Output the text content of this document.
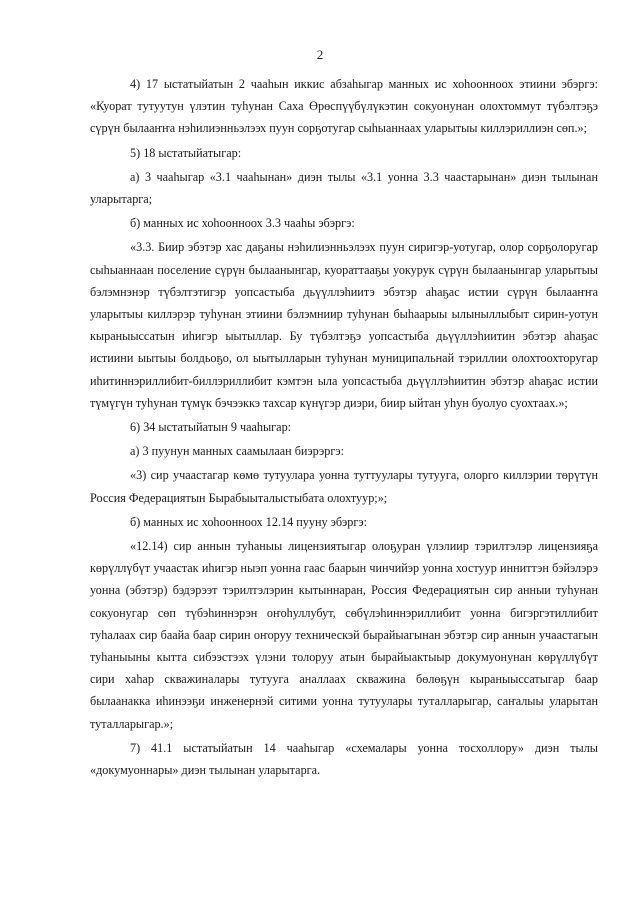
2

4) 17 ыстатыйатын 2 чааһын иккис абзаһыгар манных ис хоһоонноох этиини эбэргэ: «Куорат тутуутун үлэтин туһунан Саха Өрөспүүбүлүкэтин сокуонунан олохтоммут түбэлтэҕэ сүрүн былааҥҥа нэһилиэнньэлээх пуун сорҕотугар сыһыаннаах уларытыы киллэриллиэн сөп.»;

5) 18 ыстатыйатыгар:

а) 3 чааһыгар «3.1 чааһынан» диэн тылы «3.1 уонна 3.3 чаастарынан» диэн тылынан уларытарга;

б) манных ис хоһоонноох 3.3 чааһы эбэргэ:

«3.3. Биир эбэтэр хас даҕаны нэһилиэнньэлээх пуун сиригэр-уотугар, олор сорҕолоругар сыһыаннаан поселение сүрүн былаанынгар, куораттааҕы уокурук сүрүн былаанынгар уларытыы бэлэмнэнэр түбэлтэтигэр уопсастыба дьүүллэһиитэ эбэтэр аһаҕас истии сүрүн былааҥҥа уларытыы киллэрэр туһунан этиини бэлэмниир туһунан быһаарыы ылыныллыбыт сирин-уотун кыраныыссатын иһигэр ыытыллар. Бу түбэлтэҕэ уопсастыба дьүүллэһиитин эбэтэр аһаҕас истиини ыытыы болдьоҕо, ол ыытылларын туһунан муниципальнай тэриллии олохтоохторугар иһитиннэриллибит-биллэриллибит кэмтэн ыла уопсастыба дьүүллэһиитин эбэтэр аһаҕас истии түмүгүн туһунан түмүк бэчээккэ тахсар күнүгэр диэри, биир ыйтан уһун буолуо суохтаах.»;

6) 34 ыстатыйатын 9 чааһыгар:

а) 3 пуунун манных саамылаан биэрэргэ:

«3) сир учаастагар көмө тутуулара уонна туттуулары тутууга, олорго киллэрии төрүтүн Россия Федерациятын Бырабыыталыстыбата олохтуур;»;

б) манных ис хоһоонноох 12.14 пууну эбэргэ:

«12.14) сир аннын туһаныы лицензиятыгар олоҕуран үлэлиир тэрилтэлэр лицензияҕа көрүллүбүт учаастак иһигэр ныэп уонна гаас баарын чинчийэр уонна хостуур инниттэн бэйэлэрэ уонна (эбэтэр) бэдэрээт тэрилтэлэрин кытыннаран, Россия Федерациятын сир анныи туһунан сокуонугар сөп түбэһиннэрэн оҥоһуллубут, сөбүлэһиннэриллибит уонна бигэргэтиллибит туһалаах сир баайа баар сирин оҥоруу техническэй бырайыагынан эбэтэр сир аннын учаастагын туһаныыны кытта сибээстээх үлэни толоруу атын бырайыактыыр докумуонунан көрүллүбүт сири хаһар скважиналары тутууга аналлаах скважина бөлөҕүн кыраныыссатыгар баар былаанакка иһинээҕи инженернэй ситими уонна тутуулары туталларыгар, саҥалыы уларытан туталларыгар.»;

7) 41.1 ыстатыйатын 14 чааһыгар «схемалары уонна тосхоллору» диэн тылы «докумуоннары» диэн тылынан уларытарга.
